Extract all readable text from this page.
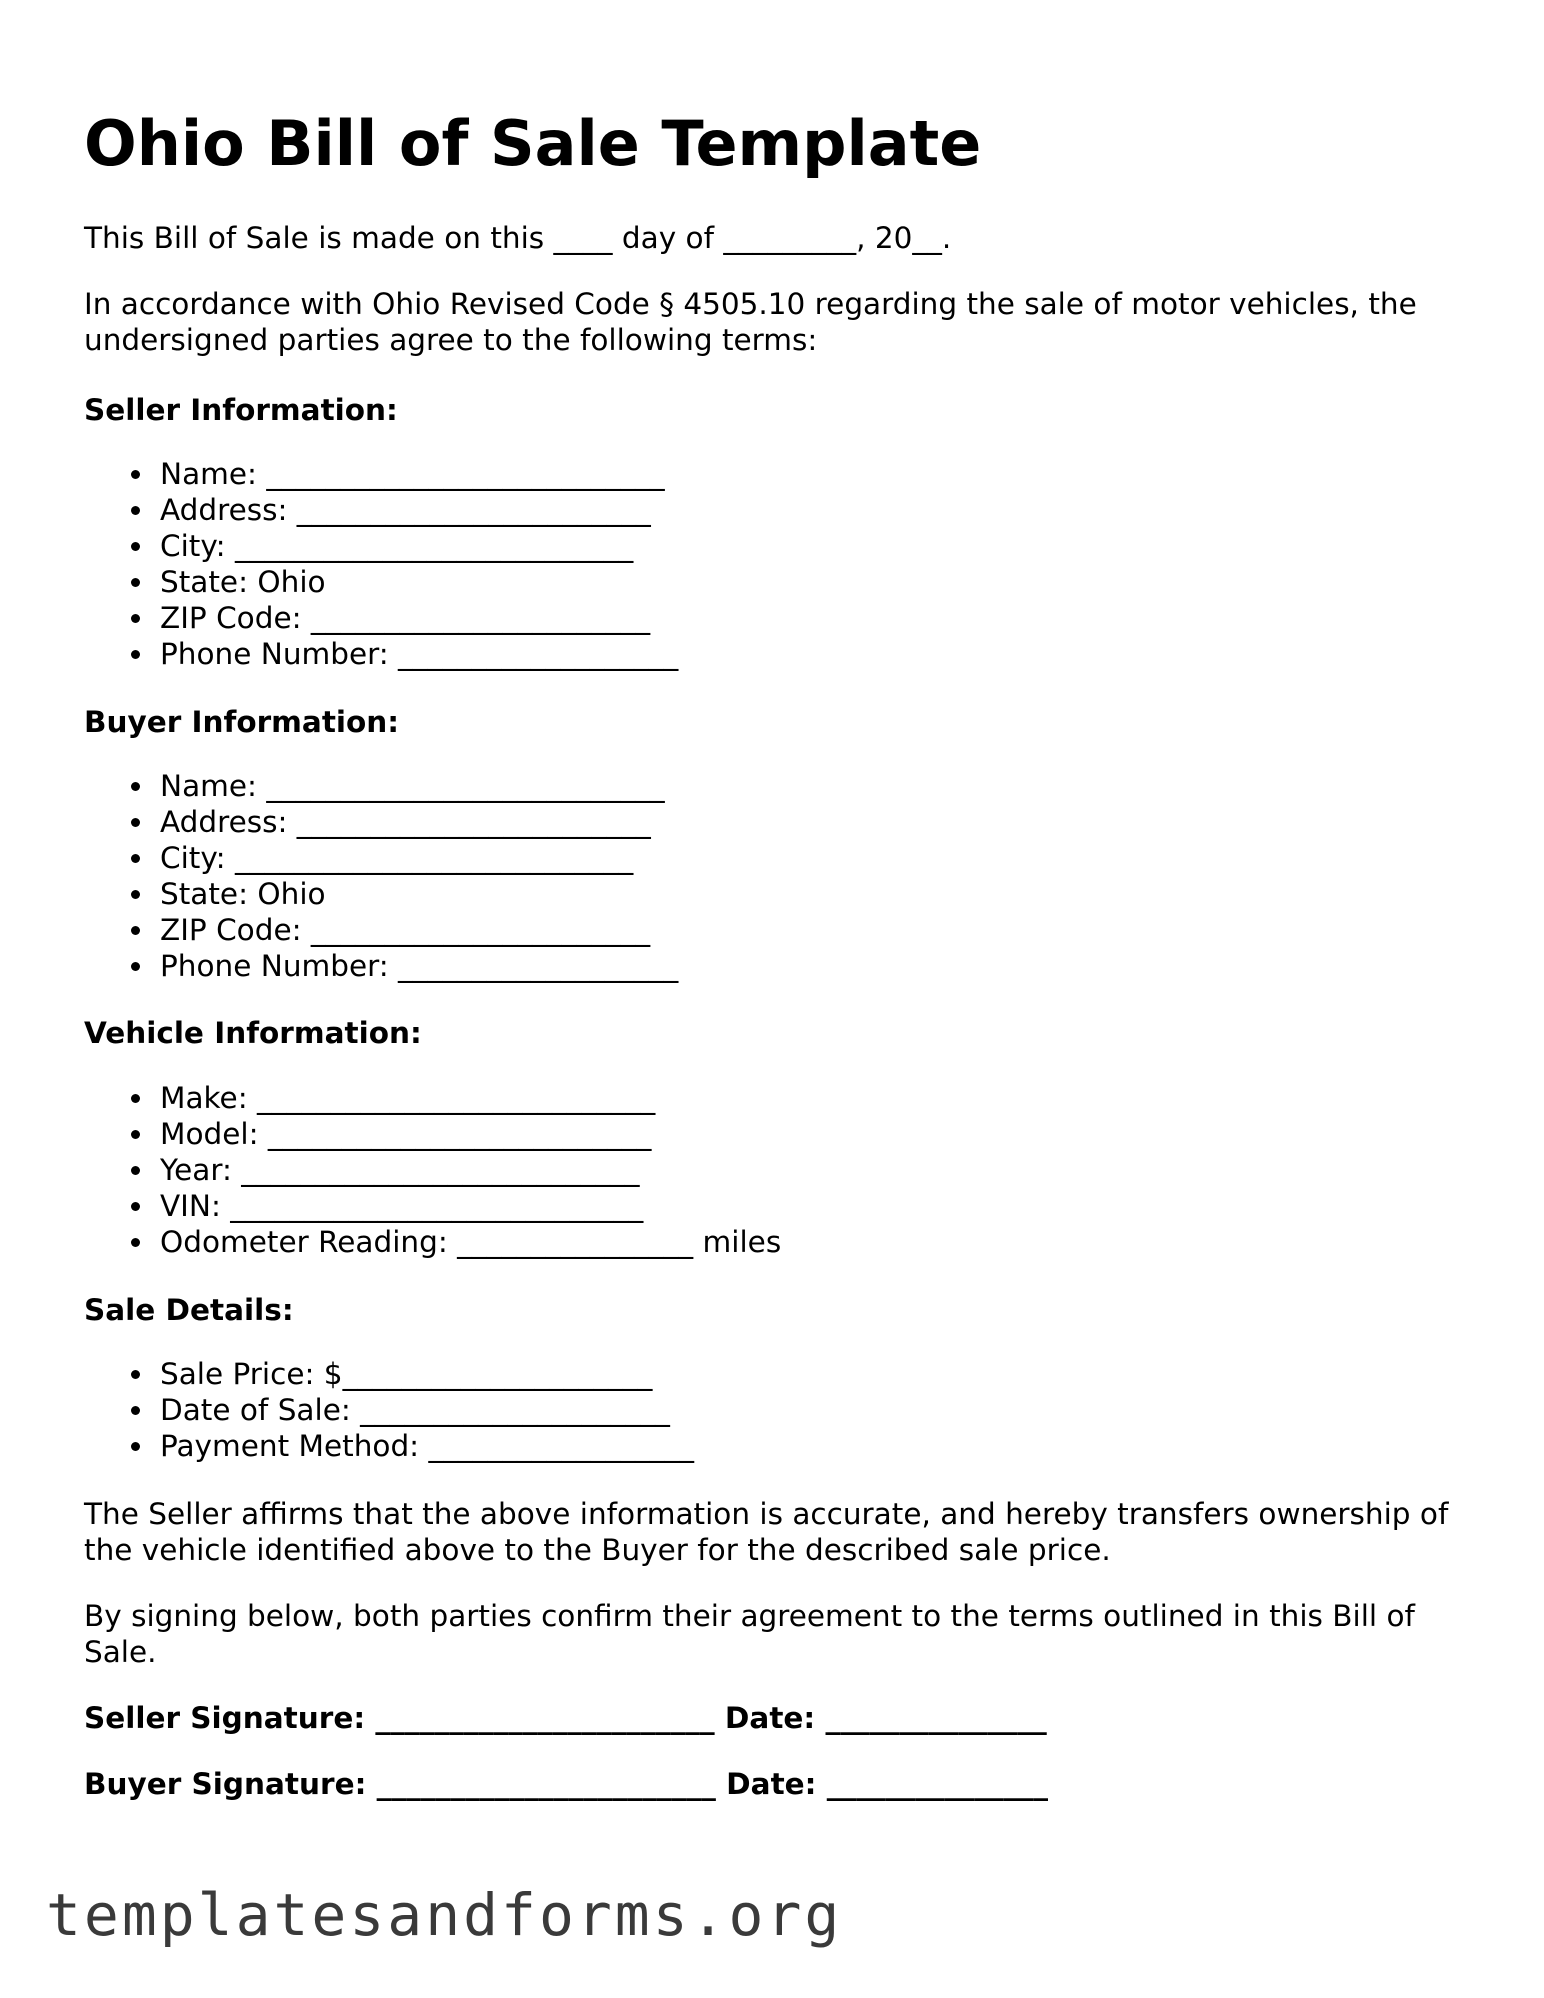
Ohio Bill of Sale Template

This Bill of Sale is made on this ____ day of _________, 20__.

In accordance with Ohio Revised Code § 4505.10 regarding the sale of motor vehicles, the undersigned parties agree to the following terms:

Seller Information:
Name: ___________________________
Address: ________________________
City: ___________________________
State: Ohio
ZIP Code: _______________________
Phone Number: ___________________
Buyer Information:
Name: ___________________________
Address: ________________________
City: ___________________________
State: Ohio
ZIP Code: _______________________
Phone Number: ___________________
Vehicle Information:
Make: ___________________________
Model: __________________________
Year: ___________________________
VIN: ____________________________
Odometer Reading: ________________ miles
Sale Details:
Sale Price: $_____________________
Date of Sale: _____________________
Payment Method: __________________

The Seller affirms that the above information is accurate, and hereby transfers ownership of the vehicle identified above to the Buyer for the described sale price.

By signing below, both parties confirm their agreement to the terms outlined in this Bill of Sale.

Seller Signature: _______________________ Date: _______________

Buyer Signature: _______________________ Date: _______________

templatesandforms.org
